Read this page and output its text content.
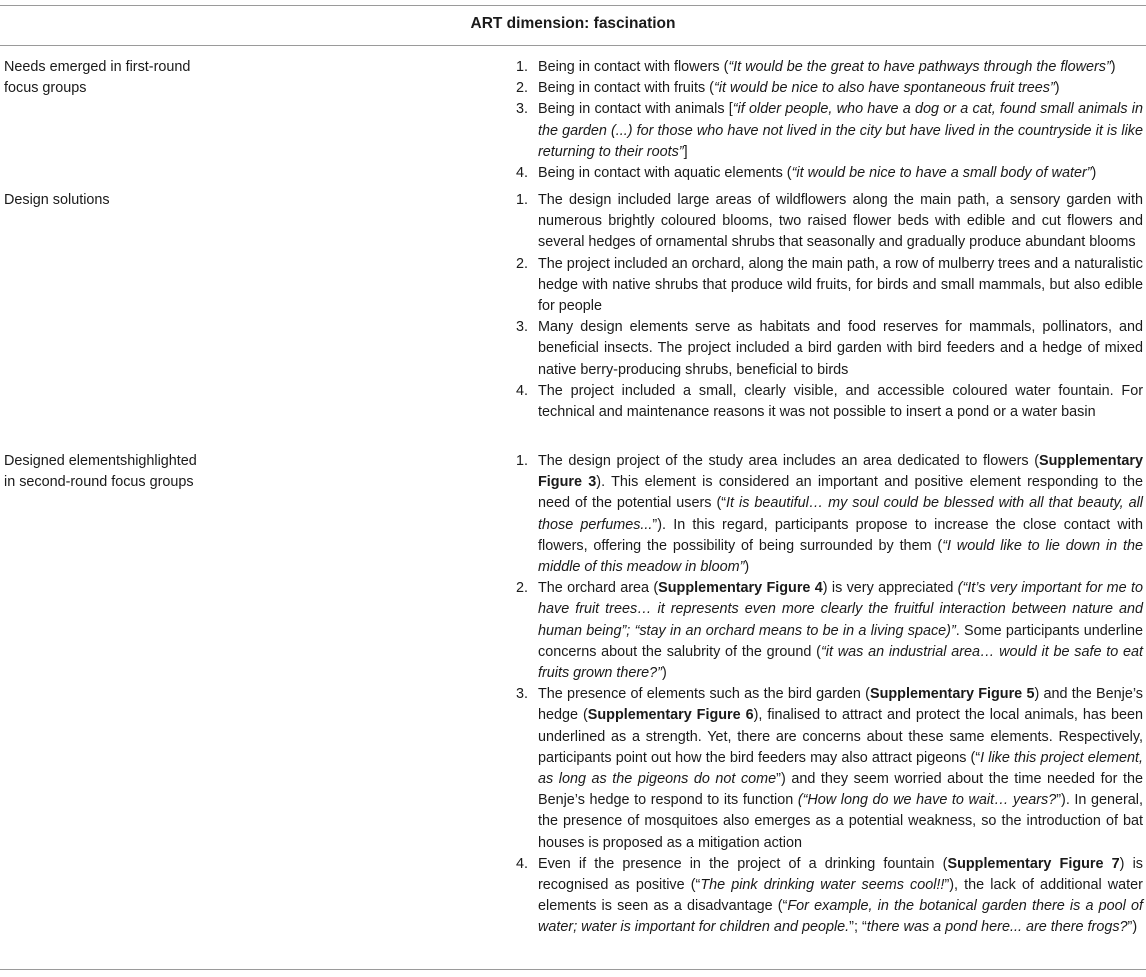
ART dimension: fascination
Needs emerged in first-round
focus groups
1. Being in contact with flowers (“It would be the great to have pathways through the flowers”)
2. Being in contact with fruits (“it would be nice to also have spontaneous fruit trees”)
3. Being in contact with animals [“if older people, who have a dog or a cat, found small animals in the garden (...) for those who have not lived in the city but have lived in the countryside it is like returning to their roots”]
4. Being in contact with aquatic elements (“it would be nice to have a small body of water”)
Design solutions	1. The design included large areas of wildflowers along the main path, a sensory garden with numerous brightly coloured blooms, two raised flower beds with edible and cut flowers and several hedges of ornamental shrubs that seasonally and gradually produce abundant blooms
2. The project included an orchard, along the main path, a row of mulberry trees and a naturalistic hedge with native shrubs that produce wild fruits, for birds and small mammals, but also edible for people
3. Many design elements serve as habitats and food reserves for mammals, pollinators, and beneficial insects. The project included a bird garden with bird feeders and a hedge of mixed native berry-producing shrubs, beneficial to birds
4. The project included a small, clearly visible, and accessible coloured water fountain. For technical and maintenance reasons it was not possible to insert a pond or a water basin
Designed elementshighlighted
in second-round focus groups
1. The design project of the study area includes an area dedicated to flowers (Supplementary Figure 3). This element is considered an important and positive element responding to the need of the potential users (“It is beautiful… my soul could be blessed with all that beauty, all those perfumes...”). In this regard, participants propose to increase the close contact with flowers, offering the possibility of being surrounded by them (“I would like to lie down in the middle of this meadow in bloom”)
2. The orchard area (Supplementary Figure 4) is very appreciated (“It’s very important for me to have fruit trees… it represents even more clearly the fruitful interaction between nature and human being”; “stay in an orchard means to be in a living space)”. Some participants underline concerns about the salubrity of the ground (“it was an industrial area… would it be safe to eat fruits grown there?”)
3. The presence of elements such as the bird garden (Supplementary Figure 5) and the Benje’s hedge (Supplementary Figure 6), finalised to attract and protect the local animals, has been underlined as a strength. Yet, there are concerns about these same elements. Respectively, participants point out how the bird feeders may also attract pigeons (“I like this project element, as long as the pigeons do not come”) and they seem worried about the time needed for the Benje’s hedge to respond to its function (“How long do we have to wait… years?”). In general, the presence of mosquitoes also emerges as a potential weakness, so the introduction of bat houses is proposed as a mitigation action
4. Even if the presence in the project of a drinking fountain (Supplementary Figure 7) is recognised as positive (“The pink drinking water seems cool!!”), the lack of additional water elements is seen as a disadvantage (“For example, in the botanical garden there is a pool of water; water is important for children and people.”; “there was a pond here... are there frogs?”)
